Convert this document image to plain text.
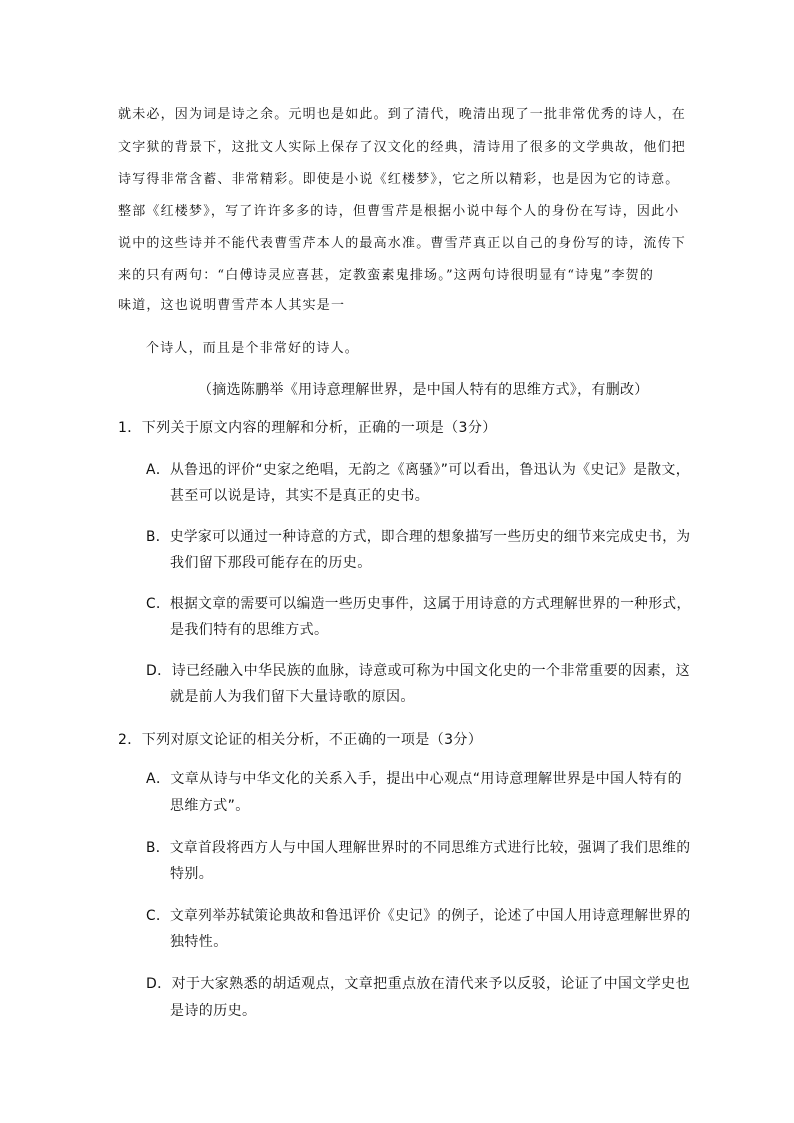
就未必，因为词是诗之余。元明也是如此。到了清代，晚清出现了一批非常优秀的诗人，在
文字狱的背景下，这批文人实际上保存了汉文化的经典，清诗用了很多的文学典故，他们把
诗写得非常含蓄、非常精彩。即使是小说《红楼梦》，它之所以精彩，也是因为它的诗意。
整部《红楼梦》，写了许许多多的诗，但曹雪芹是根据小说中每个人的身份在写诗，因此小
说中的这些诗并不能代表曹雪芹本人的最高水准。曹雪芹真正以自己的身份写的诗，流传下
来的只有两句：“白傅诗灵应喜甚，定教蛮素鬼排场。”这两句诗很明显有“诗鬼”李贺的
味道，这也说明曹雪芹本人其实是一
个诗人，而且是个非常好的诗人。
（摘选陈鹏举《用诗意理解世界，是中国人特有的思维方式》，有删改）
1．下列关于原文内容的理解和分析，正确的一项是（3分）
A．从鲁迅的评价“史家之绝唱，无韵之《离骚》”可以看出，鲁迅认为《史记》是散文，
甚至可以说是诗，其实不是真正的史书。
B．史学家可以通过一种诗意的方式，即合理的想象描写一些历史的细节来完成史书，为
我们留下那段可能存在的历史。
C．根据文章的需要可以编造一些历史事件，这属于用诗意的方式理解世界的一种形式，
是我们特有的思维方式。
D．诗已经融入中华民族的血脉，诗意或可称为中国文化史的一个非常重要的因素，这
就是前人为我们留下大量诗歌的原因。
2．下列对原文论证的相关分析，不正确的一项是（3分）
A．文章从诗与中华文化的关系入手，提出中心观点“用诗意理解世界是中国人特有的
思维方式”。
B．文章首段将西方人与中国人理解世界时的不同思维方式进行比较，强调了我们思维的
特别。
C．文章列举苏轼策论典故和鲁迅评价《史记》的例子，论述了中国人用诗意理解世界的
独特性。
D．对于大家熟悉的胡适观点，文章把重点放在清代来予以反驳，论证了中国文学史也
是诗的历史。
